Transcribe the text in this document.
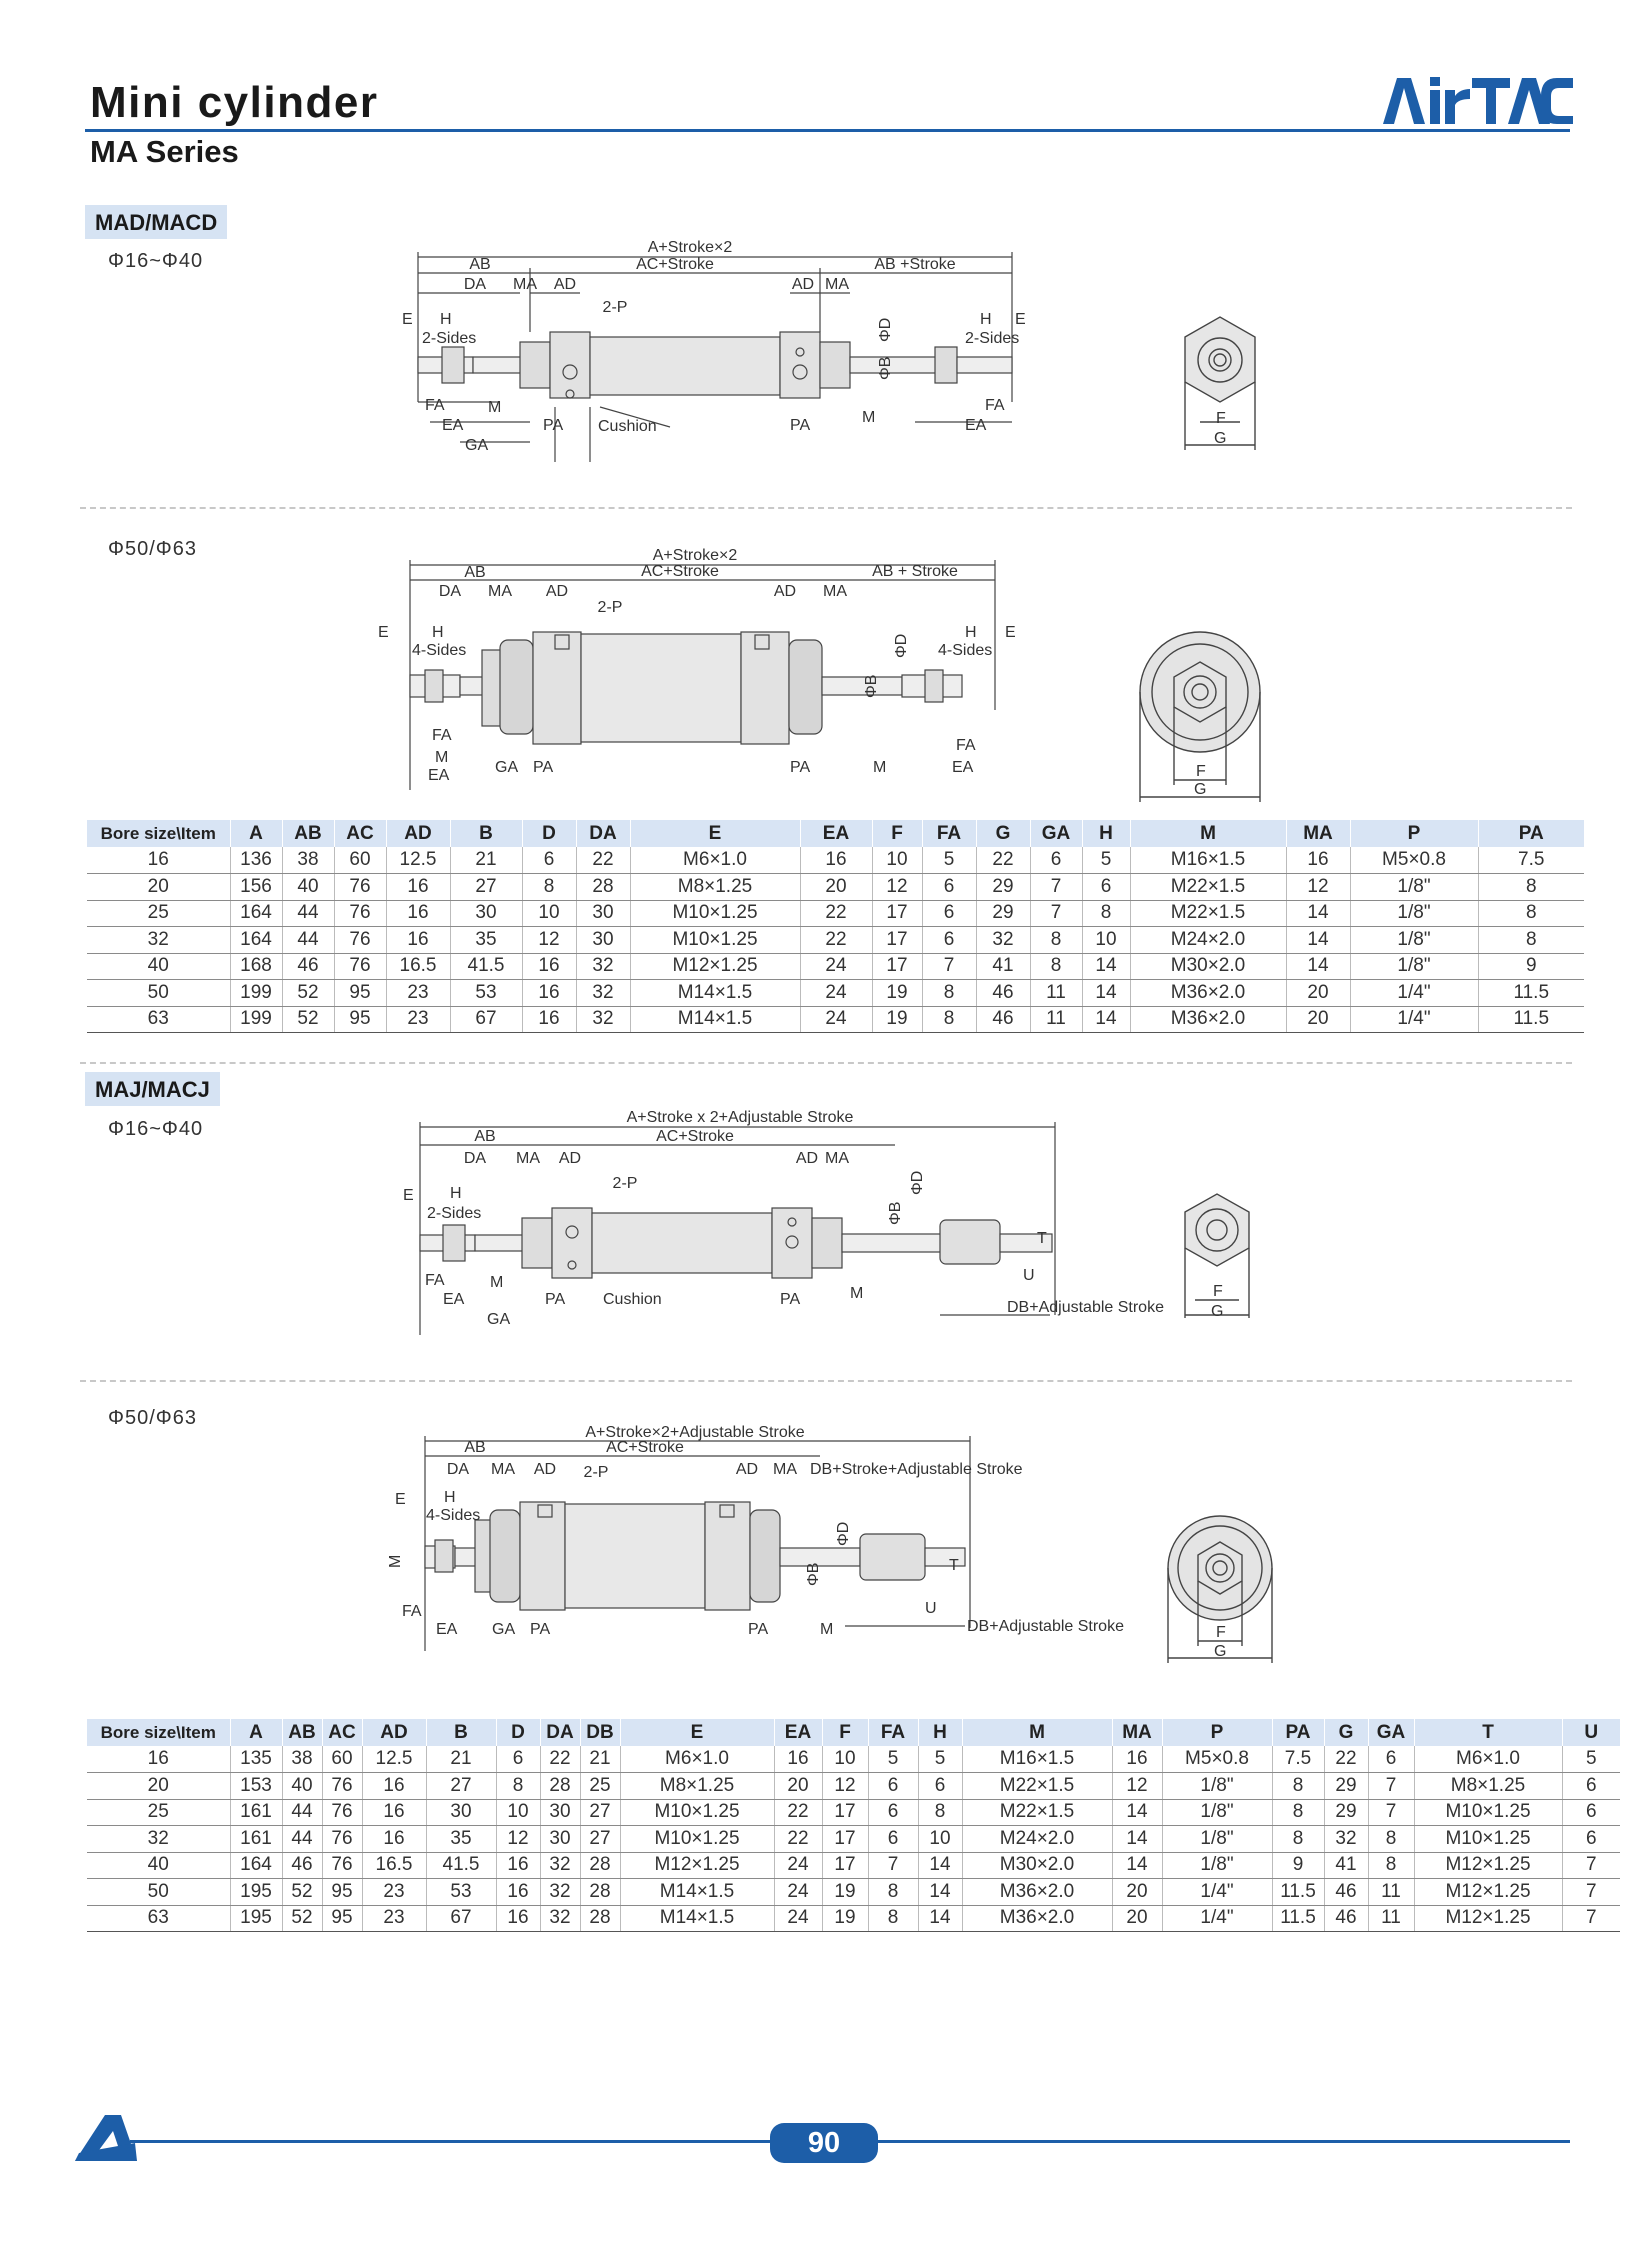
Mini cylinder
MA Series
MAD/MACD
Φ16~Φ40
A+Stroke×2
AB	AC+Stroke	AB +Stroke
DA MA AD
2-P
AD MA
E H
2-Sides
H E
2-Sides
FA
EA
M
GA
PA Cushion	PA	M
FA
EA
ΦD
ΦB
F
G
Φ50/Φ63	A+Stroke×2
AB	AC+Stroke	AB + Stroke
DA MA AD
2-P
AD MA
E	H
4-Sides
H E
4-Sides
FA
M
EA	GA PA	PA	M
FA
EA
ΦD
ΦB
F
G
Bore size\Item	A	AB	AC	AD	B	D	DA	E	EA	F	FA	G	GA	H	M	MA	P	PA
16	136	38	60	12.5	21	6	22	M6×1.0	16	10	5	22	6	5	M16×1.5	16	M5×0.8	7.5
20	156	40	76	16	27	8	28	M8×1.25	20	12	6	29	7	6	M22×1.5	12	1/8"	8
25	164	44	76	16	30	10	30	M10×1.25	22	17	6	29	7	8	M22×1.5	14	1/8"	8
32	164	44	76	16	35	12	30	M10×1.25	22	17	6	32	8	10	M24×2.0	14	1/8"	8
40	168	46	76	16.5	41.5	16	32	M12×1.25	24	17	7	41	8	14	M30×2.0	14	1/8"	9
50	199	52	95	23	53	16	32	M14×1.5	24	19	8	46	11	14	M36×2.0	20	1/4"	11.5
63	199	52	95	23	67	16	32	M14×1.5	24	19	8	46	11	14	M36×2.0	20	1/4"	11.5
MAJ/MACJ
Φ16~Φ40
A+Stroke x 2+Adjustable Stroke
AB	AC+Stroke
DA MA AD
2-P
AD MA
E H
2-Sides
FA
EA
M
GA
PA Cushion	PA	M
ΦB
ΦD
U
T
DB+Adjustable Stroke
F
G
Φ50/Φ63
A+Stroke×2+Adjustable Stroke
AB	AC+Stroke
DA MA AD 2-P	AD MA DB+Stroke+Adjustable Stroke
E H
4-Sides
M
FA
EA GA PA	PA	M
ΦB
ΦD
U
T
DB+Adjustable Stroke	F
G
Bore size\Item	A	AB	AC	AD	B	D	DA	DB	E	EA	F	FA	H	M	MA	P	PA	G	GA	T	U
16	135	38	60	12.5	21	6	22	21	M6×1.0	16	10	5	5	M16×1.5	16	M5×0.8	7.5	22	6	M6×1.0	5
20	153	40	76	16	27	8	28	25	M8×1.25	20	12	6	6	M22×1.5	12	1/8"	8	29	7	M8×1.25	6
25	161	44	76	16	30	10	30	27	M10×1.25	22	17	6	8	M22×1.5	14	1/8"	8	29	7	M10×1.25	6
32	161	44	76	16	35	12	30	27	M10×1.25	22	17	6	10	M24×2.0	14	1/8"	8	32	8	M10×1.25	6
40	164	46	76	16.5	41.5	16	32	28	M12×1.25	24	17	7	14	M30×2.0	14	1/8"	9	41	8	M12×1.25	7
50	195	52	95	23	53	16	32	28	M14×1.5	24	19	8	14	M36×2.0	20	1/4"	11.5	46	11	M12×1.25	7
63	195	52	95	23	67	16	32	28	M14×1.5	24	19	8	14	M36×2.0	20	1/4"	11.5	46	11	M12×1.25	7
90
